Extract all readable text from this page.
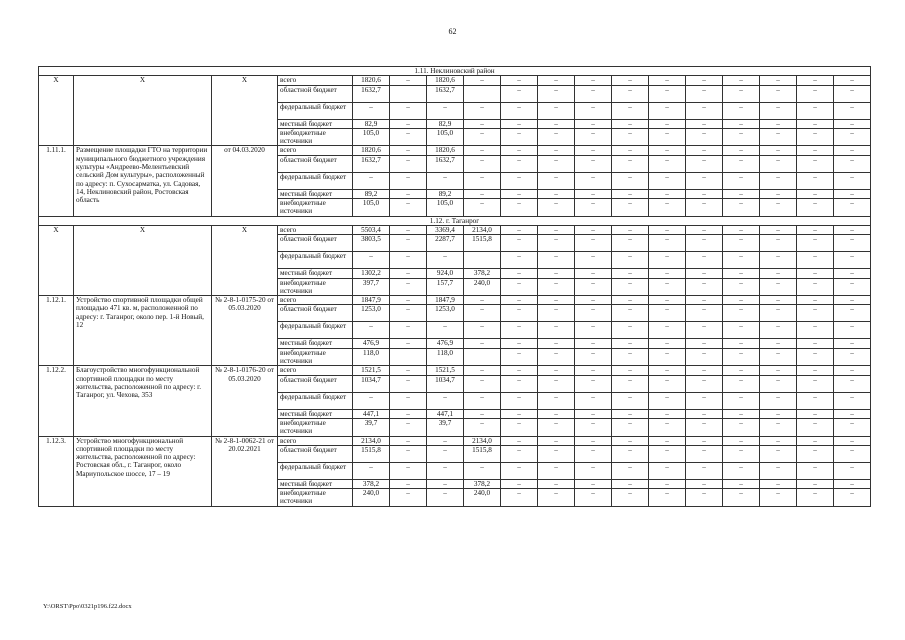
62
1.11. Неклиновский район																	
Х	Х	Х	всего	1820,6	–	1820,6	–	–	–	–	–	–	–	–	–	–	–
			областной бюджет	1632,7		1632,7		–	–	–	–	–	–	–	–	–	–
			федеральный бюджет	–	–	–	–	–	–	–	–	–	–	–	–	–	–
			местный бюджет	82,9	–	82,9	–	–	–	–	–	–	–	–	–	–	–
			внебюджетные источники	105,0	–	105,0	–	–	–	–	–	–	–	–	–	–	–
1.11.1.	Размещение площадки ГТО на территории муниципального бюджетного учреждения культуры «Андреево-Мелентьевский сельский Дом культуры», расположенный по адресу: п. Сухосарматка, ул. Садовая, 14, Неклиновский район, Ростовская область	от 04.03.2020	всего	1820,6	–	1820,6	–	–	–	–	–	–	–	–	–	–	–
			областной бюджет	1632,7	–	1632,7	–	–	–	–	–	–	–	–	–	–	–
			федеральный бюджет	–	–	–	–	–	–	–	–	–	–	–	–	–	–
			местный бюджет	89,2	–	89,2	–	–	–	–	–	–	–	–	–	–	–
			внебюджетные источники	105,0	–	105,0	–	–	–	–	–	–	–	–	–	–	–
1.12. г. Таганрог																	
Х	Х	Х	всего	5503,4	–	3369,4	2134,0	–	–	–	–	–	–	–	–	–	–
			областной бюджет	3803,5	–	2287,7	1515,8	–	–	–	–	–	–	–	–	–	–
			федеральный бюджет	–	–	–		–	–	–	–	–	–	–	–	–	–
			местный бюджет	1302,2	–	924,0	378,2	–	–	–	–	–	–	–	–	–	–
			внебюджетные источники	397,7	–	157,7	240,0	–	–	–	–	–	–	–	–	–	–
1.12.1.	Устройство спортивной площадки общей площадью 471 кв. м, расположенной по адресу: г. Таганрог, около пер. 1-й Новый, 12	№ 2-8-1-0175-20 от 05.03.2020	всего	1847,9	–	1847,9	–	–	–	–	–	–	–	–	–	–	–
			областной бюджет	1253,0	–	1253,0	–	–	–	–	–	–	–	–	–	–	–
			федеральный бюджет	–	–	–	–	–	–	–	–	–	–	–	–	–	–
			местный бюджет	476,9	–	476,9	–	–	–	–	–	–	–	–	–	–	–
			внебюджетные источники	118,0		118,0		–	–	–	–	–	–	–	–	–	–
1.12.2.	Благоустройство многофункциональной спортивной площадки по месту жительства, расположенной по адресу: г. Таганрог, ул. Чехова, 353	№ 2-8-1-0176-20 от 05.03.2020	всего	1521,5	–	1521,5	–	–	–	–	–	–	–	–	–	–	–
			областной бюджет	1034,7	–	1034,7	–	–	–	–	–	–	–	–	–	–	–
			федеральный бюджет	–	–	–	–	–	–	–	–	–	–	–	–	–	–
			местный бюджет	447,1	–	447,1	–	–	–	–	–	–	–	–	–	–	–
			внебюджетные источники	39,7	–	39,7	–	–	–	–	–	–	–	–	–	–	–
1.12.3.	Устройство многофункциональной спортивной площадки по месту жительства, расположенной по адресу: Ростовская обл., г. Таганрог, около Мариупольское шоссе, 17 – 19	№ 2-8-1-0062-21 от 20.02.2021	всего	2134,0	–	–	2134,0	–	–	–	–	–	–	–	–	–	–
			областной бюджет	1515,8	–	–	1515,8	–	–	–	–	–	–	–	–	–	–
			федеральный бюджет	–	–	–	–	–	–	–	–	–	–	–	–	–	–
			местный бюджет	378,2	–	–	378,2	–	–	–	–	–	–	–	–	–	–
			внебюджетные источники	240,0	–	–	240,0	–	–	–	–	–	–	–	–	–	–
Y:\ORST\Ppo\0321p196.f22.docx
